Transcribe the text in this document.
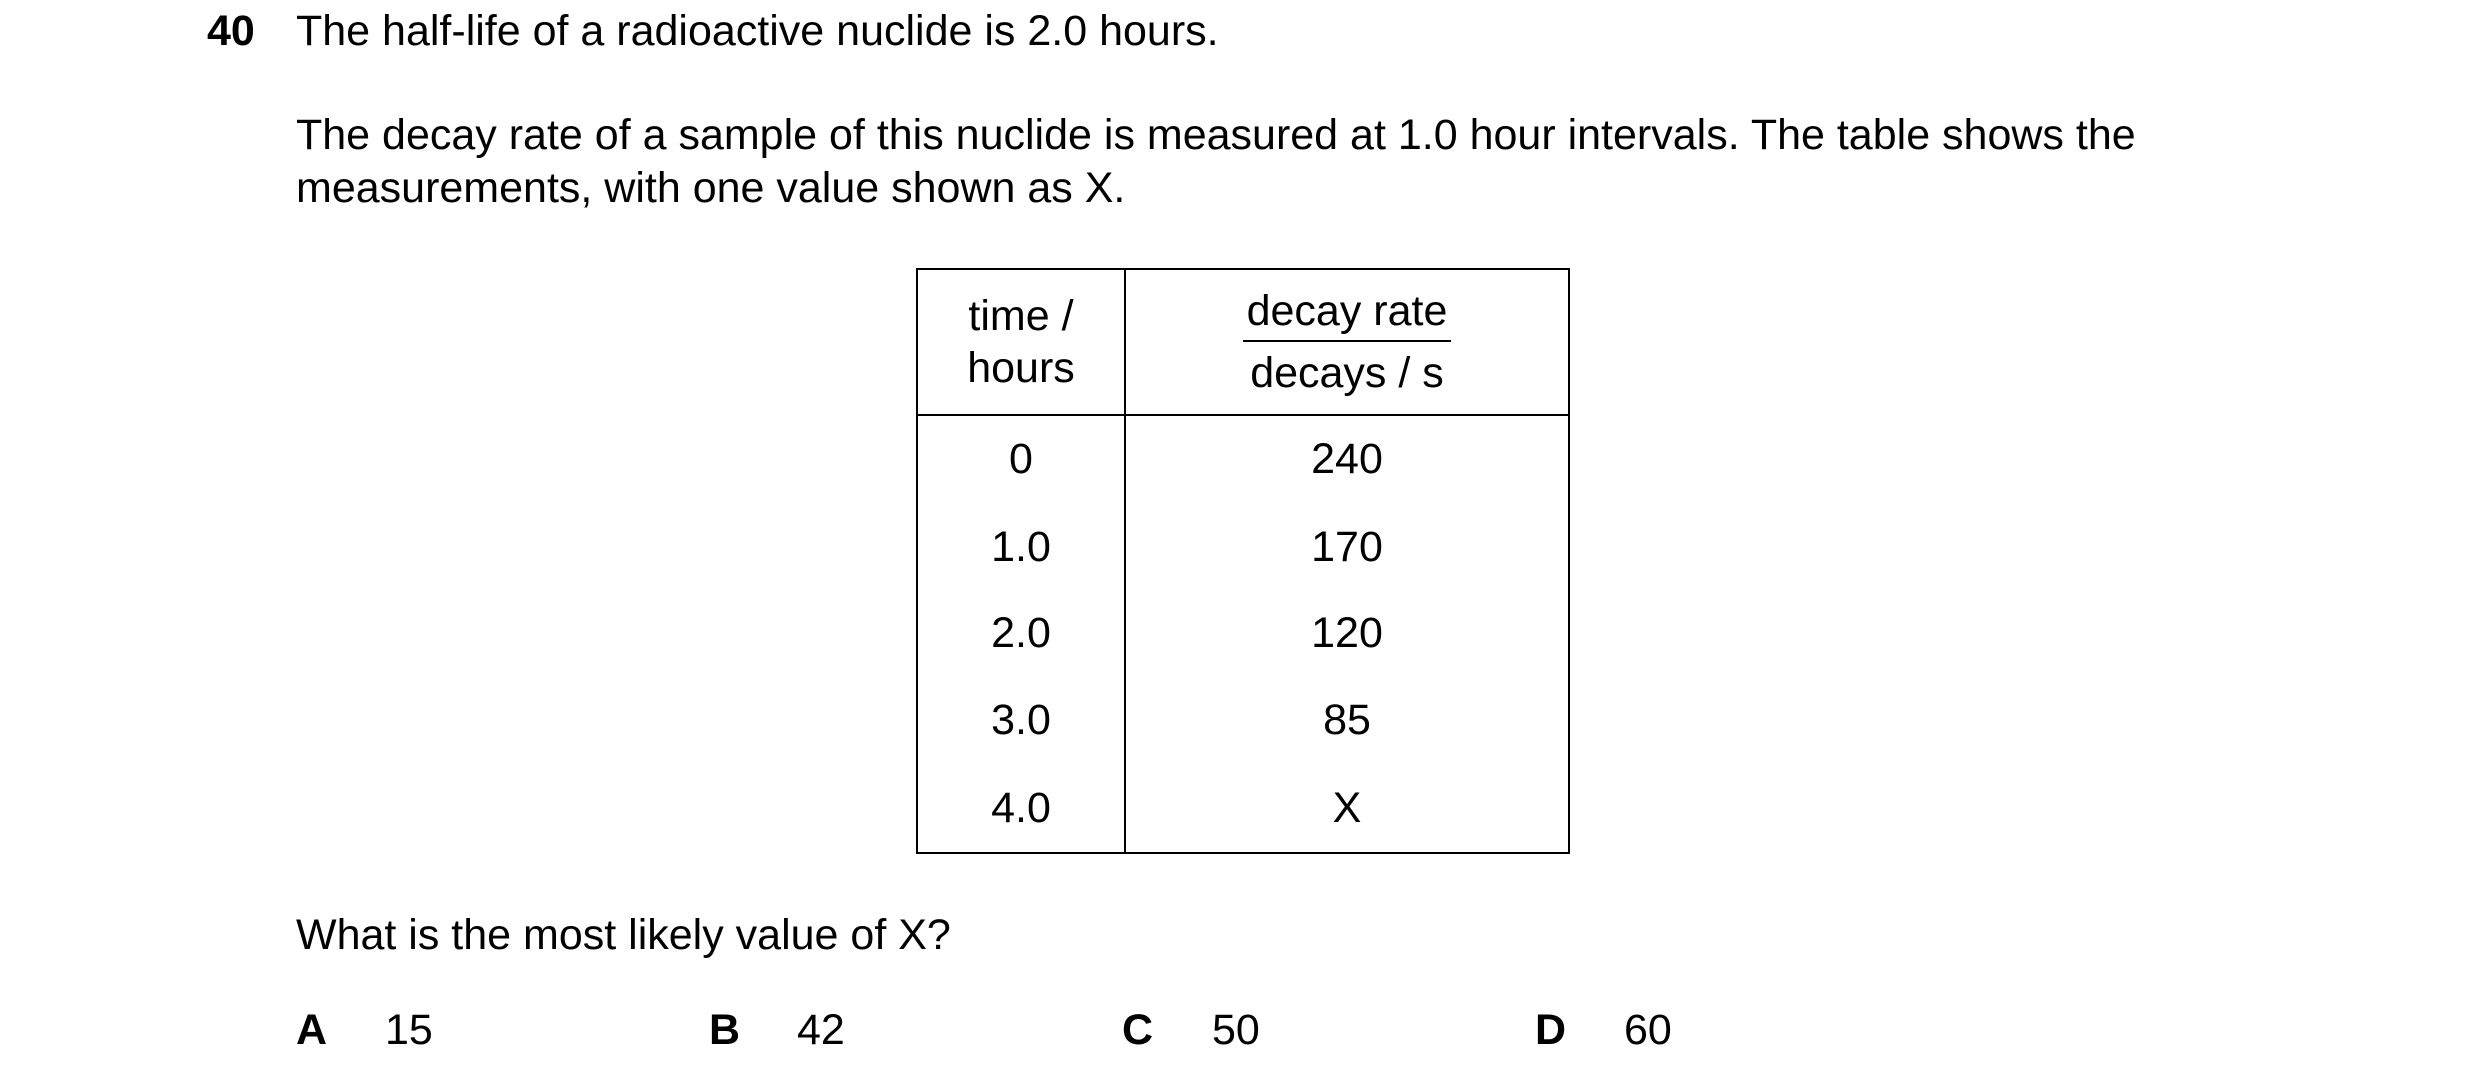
40 The half-life of a radioactive nuclide is 2.0 hours.
The decay rate of a sample of this nuclide is measured at 1.0 hour intervals. The table shows the
measurements, with one value shown as X.
time /
hours	$\frac{\text{decay rate}}{\text{decays / s}}$

0	240
1.0	170
2.0	120
3.0	85
4.0	X
What is the most likely value of X?
A 15	B 42	C 50	D 60
